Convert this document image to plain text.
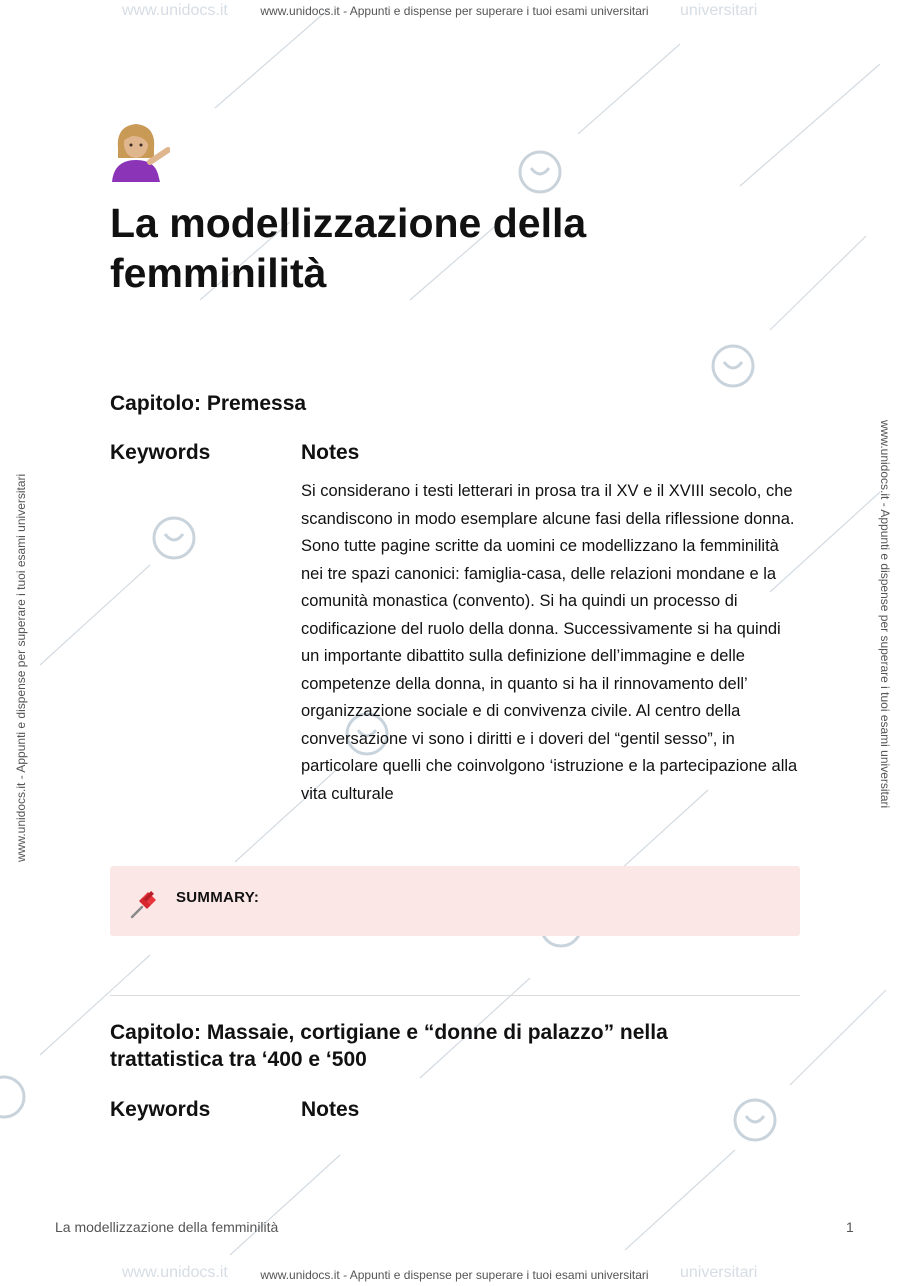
www.unidocs.it	www.unidocs.it - Appunti e dispense per superare i tuoi esami universitari universitari
www.unidocs.it	www.unidocs.it - Appunti e dispense per superare i tuoi esami universitari universitari
www.unidocs.it - Appunti e dispense per superare i tuoi esami universitari	www.unidocs.it - Appunti e dispense per superare i tuoi esami universitari
La modellizzazione della femminilità
Capitolo: Premessa
Keywords	Notes

Si considerano i testi letterari in prosa tra il XV e il XVIII secolo, che scandiscono in modo esemplare alcune fasi della riflessione donna. Sono tutte pagine scritte da uomini ce modellizzano la femminilità nei tre spazi canonici: famiglia-casa, delle relazioni mondane e la comunità monastica (convento). Si ha quindi un processo di codificazione del ruolo della donna. Successivamente si ha quindi un importante dibattito sulla definizione dell’immagine e delle competenze della donna, in quanto si ha il rinnovamento dell’ organizzazione sociale e di convivenza civile. Al centro della conversazione vi sono i diritti e i doveri del “gentil sesso”, in particolare quelli che coinvolgono ‘istruzione e la partecipazione alla vita culturale

SUMMARY:
Capitolo: Massaie, cortigiane e “donne di palazzo” nella trattatistica tra ‘400 e ‘500
Keywords	Notes
La modellizzazione della femminilità	1
